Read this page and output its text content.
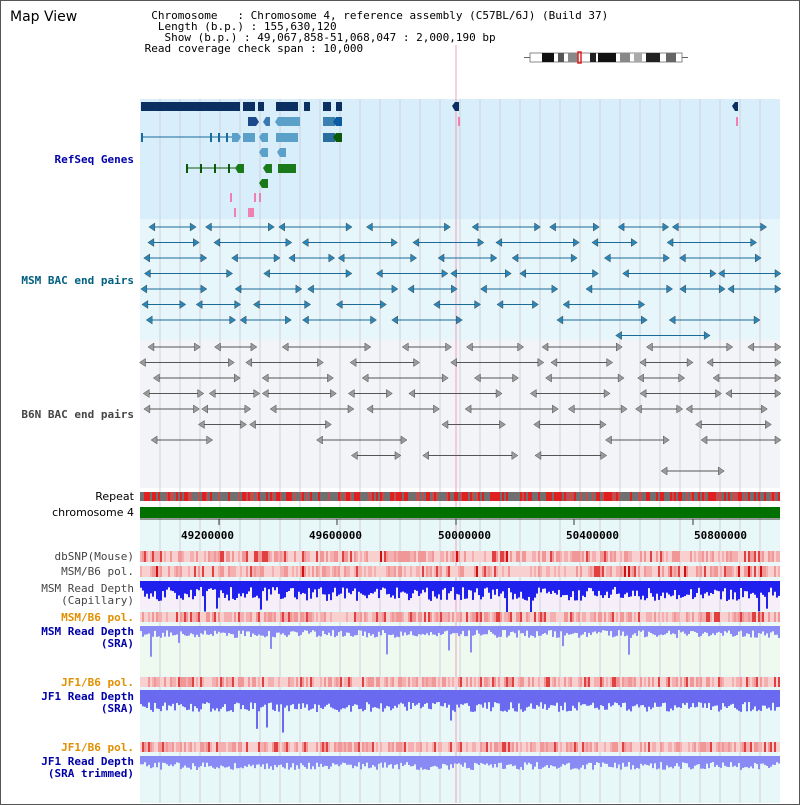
Map View	Chromosome   : Chromosome 4, reference assembly (C57BL/6J) (Build 37)
Length (b.p.) : 155,630,120
Show (b.p.) : 49,067,858-51,068,047 : 2,000,190 bp
Read coverage check span : 10,000
49200000	49600000	50000000	50400000	50800000
RefSeq Genes
MSM BAC end pairs
B6N BAC end pairs
Repeat
chromosome 4
dbSNP(Mouse)
MSM/B6 pol.
MSM Read Depth
(Capillary)
MSM/B6 pol.
MSM Read Depth
(SRA)
JF1/B6 pol.
JF1 Read Depth
(SRA)
JF1/B6 pol.
JF1 Read Depth
(SRA trimmed)
